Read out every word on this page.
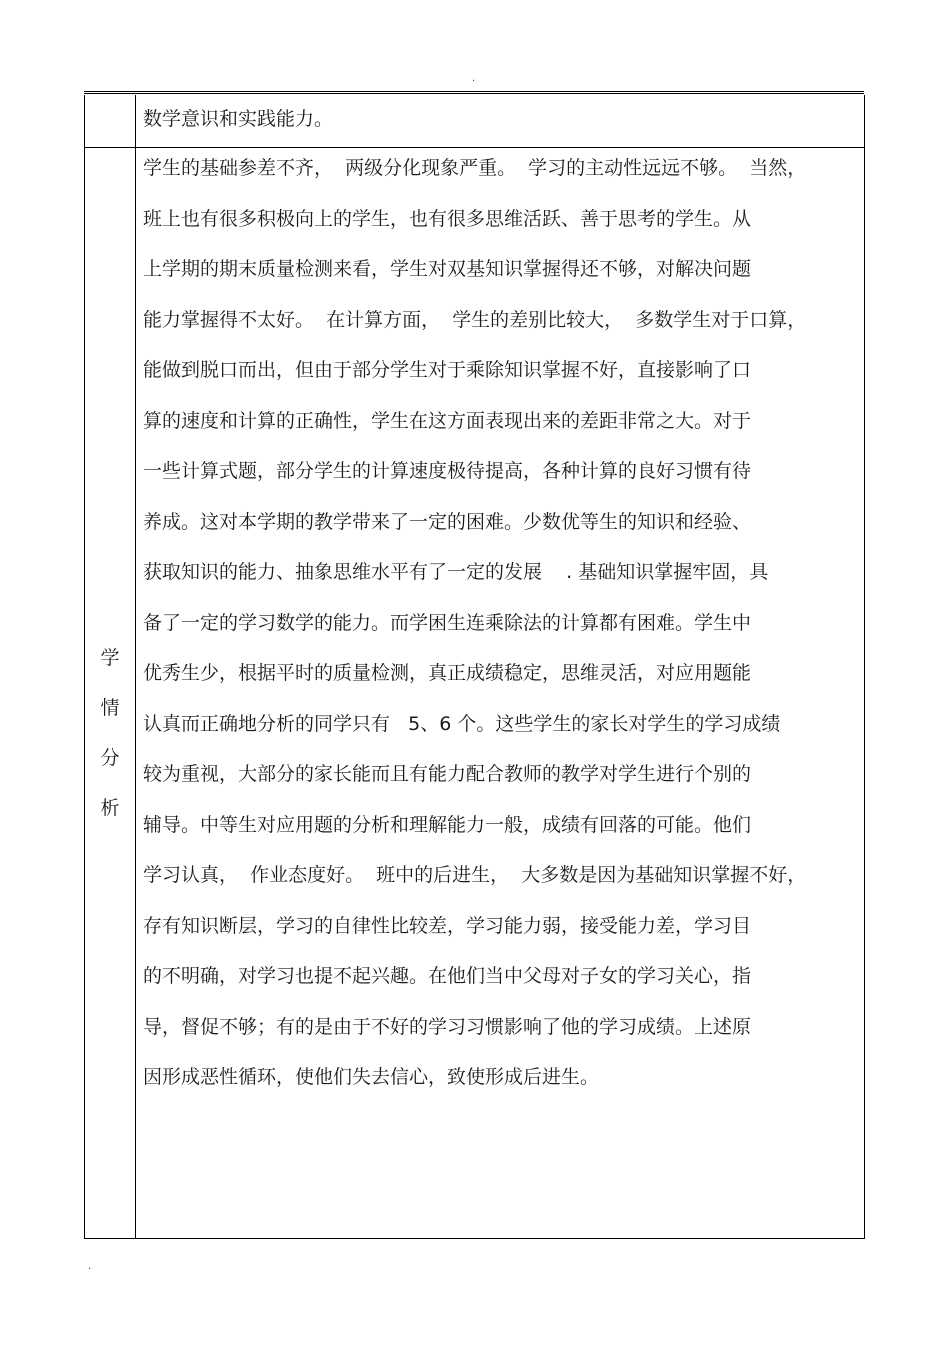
.
数学意识和实践能力。
学
情
分
析
学生的基础参差不齐，  两级分化现象严重。  学习的主动性远远不够。  当然，
班上也有很多积极向上的学生，也有很多思维活跃、善于思考的学生。从
上学期的期末质量检测来看，学生对双基知识掌握得还不够，对解决问题
能力掌握得不太好。  在计算方面，  学生的差别比较大，  多数学生对于口算，
能做到脱口而出，但由于部分学生对于乘除知识掌握不好，直接影响了口
算的速度和计算的正确性，学生在这方面表现出来的差距非常之大。对于
一些计算式题，部分学生的计算速度极待提高，各种计算的良好习惯有待
养成。这对本学期的教学带来了一定的困难。少数优等生的知识和经验、
获取知识的能力、抽象思维水平有了一定的发展    . 基础知识掌握牢固，具
备了一定的学习数学的能力。而学困生连乘除法的计算都有困难。学生中
优秀生少，根据平时的质量检测，真正成绩稳定，思维灵活，对应用题能
认真而正确地分析的同学只有   5、6 个。这些学生的家长对学生的学习成绩
较为重视，大部分的家长能而且有能力配合教师的教学对学生进行个别的
辅导。中等生对应用题的分析和理解能力一般，成绩有回落的可能。他们
学习认真，  作业态度好。  班中的后进生，  大多数是因为基础知识掌握不好，
存有知识断层，学习的自律性比较差，学习能力弱，接受能力差，学习目
的不明确，对学习也提不起兴趣。在他们当中父母对子女的学习关心，指
导，督促不够；有的是由于不好的学习习惯影响了他的学习成绩。上述原
因形成恶性循环，使他们失去信心，致使形成后进生。
.
